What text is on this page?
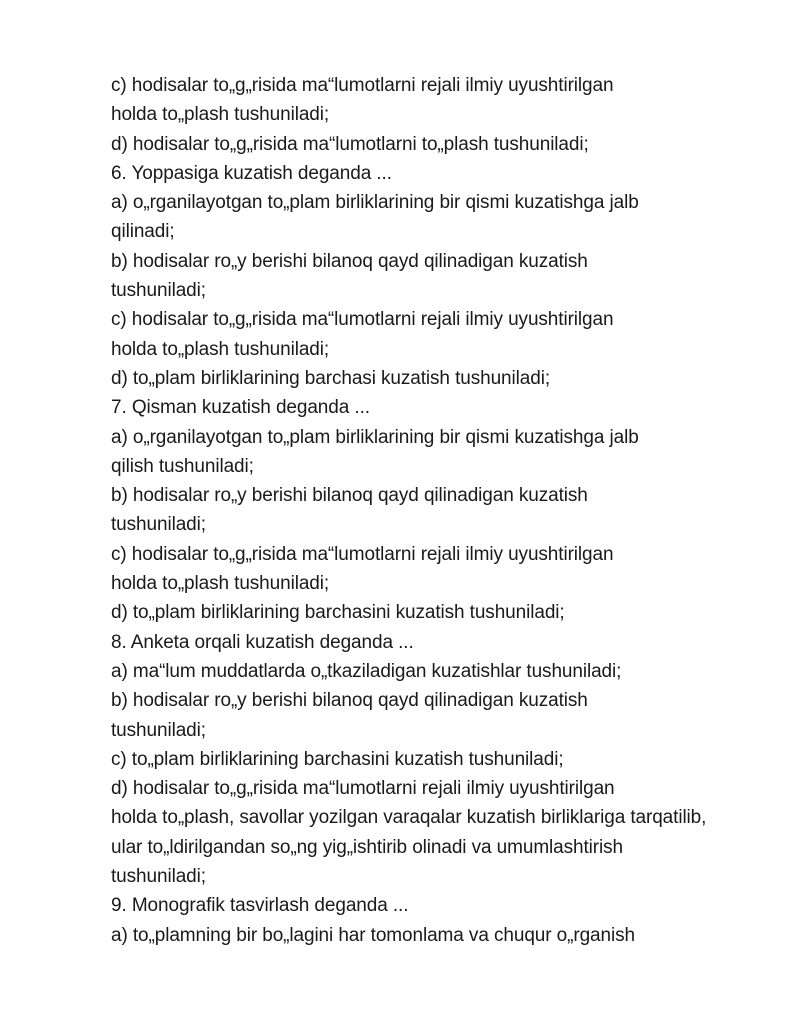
c) hodisalar to„g„risida ma“lumotlarni rejali ilmiy uyushtirilgan
holda to„plash tushuniladi;
d) hodisalar to„g„risida ma“lumotlarni to„plash tushuniladi;
6. Yoppasiga kuzatish deganda ...
a) o„rganilayotgan to„plam birliklarining bir qismi kuzatishga jalb
qilinadi;
b) hodisalar ro„y berishi bilanoq qayd qilinadigan kuzatish
tushuniladi;
c) hodisalar to„g„risida ma“lumotlarni rejali ilmiy uyushtirilgan
holda to„plash tushuniladi;
d) to„plam birliklarining barchasi kuzatish tushuniladi;
7. Qisman kuzatish deganda ...
a) o„rganilayotgan to„plam birliklarining bir qismi kuzatishga jalb
qilish tushuniladi;
b) hodisalar ro„y berishi bilanoq qayd qilinadigan kuzatish
tushuniladi;
c) hodisalar to„g„risida ma“lumotlarni rejali ilmiy uyushtirilgan
holda to„plash tushuniladi;
d) to„plam birliklarining barchasini kuzatish tushuniladi;
8. Anketa orqali kuzatish deganda ...
a) ma“lum muddatlarda o„tkaziladigan kuzatishlar tushuniladi;
b) hodisalar ro„y berishi bilanoq qayd qilinadigan kuzatish
tushuniladi;
c) to„plam birliklarining barchasini kuzatish tushuniladi;
d) hodisalar to„g„risida ma“lumotlarni rejali ilmiy uyushtirilgan
holda to„plash, savollar yozilgan varaqalar kuzatish birliklariga tarqatilib,
ular to„ldirilgandan so„ng yig„ishtirib olinadi va umumlashtirish
tushuniladi;
9. Monografik tasvirlash deganda ...
a) to„plamning bir bo„lagini har tomonlama va chuqur o„rganish
